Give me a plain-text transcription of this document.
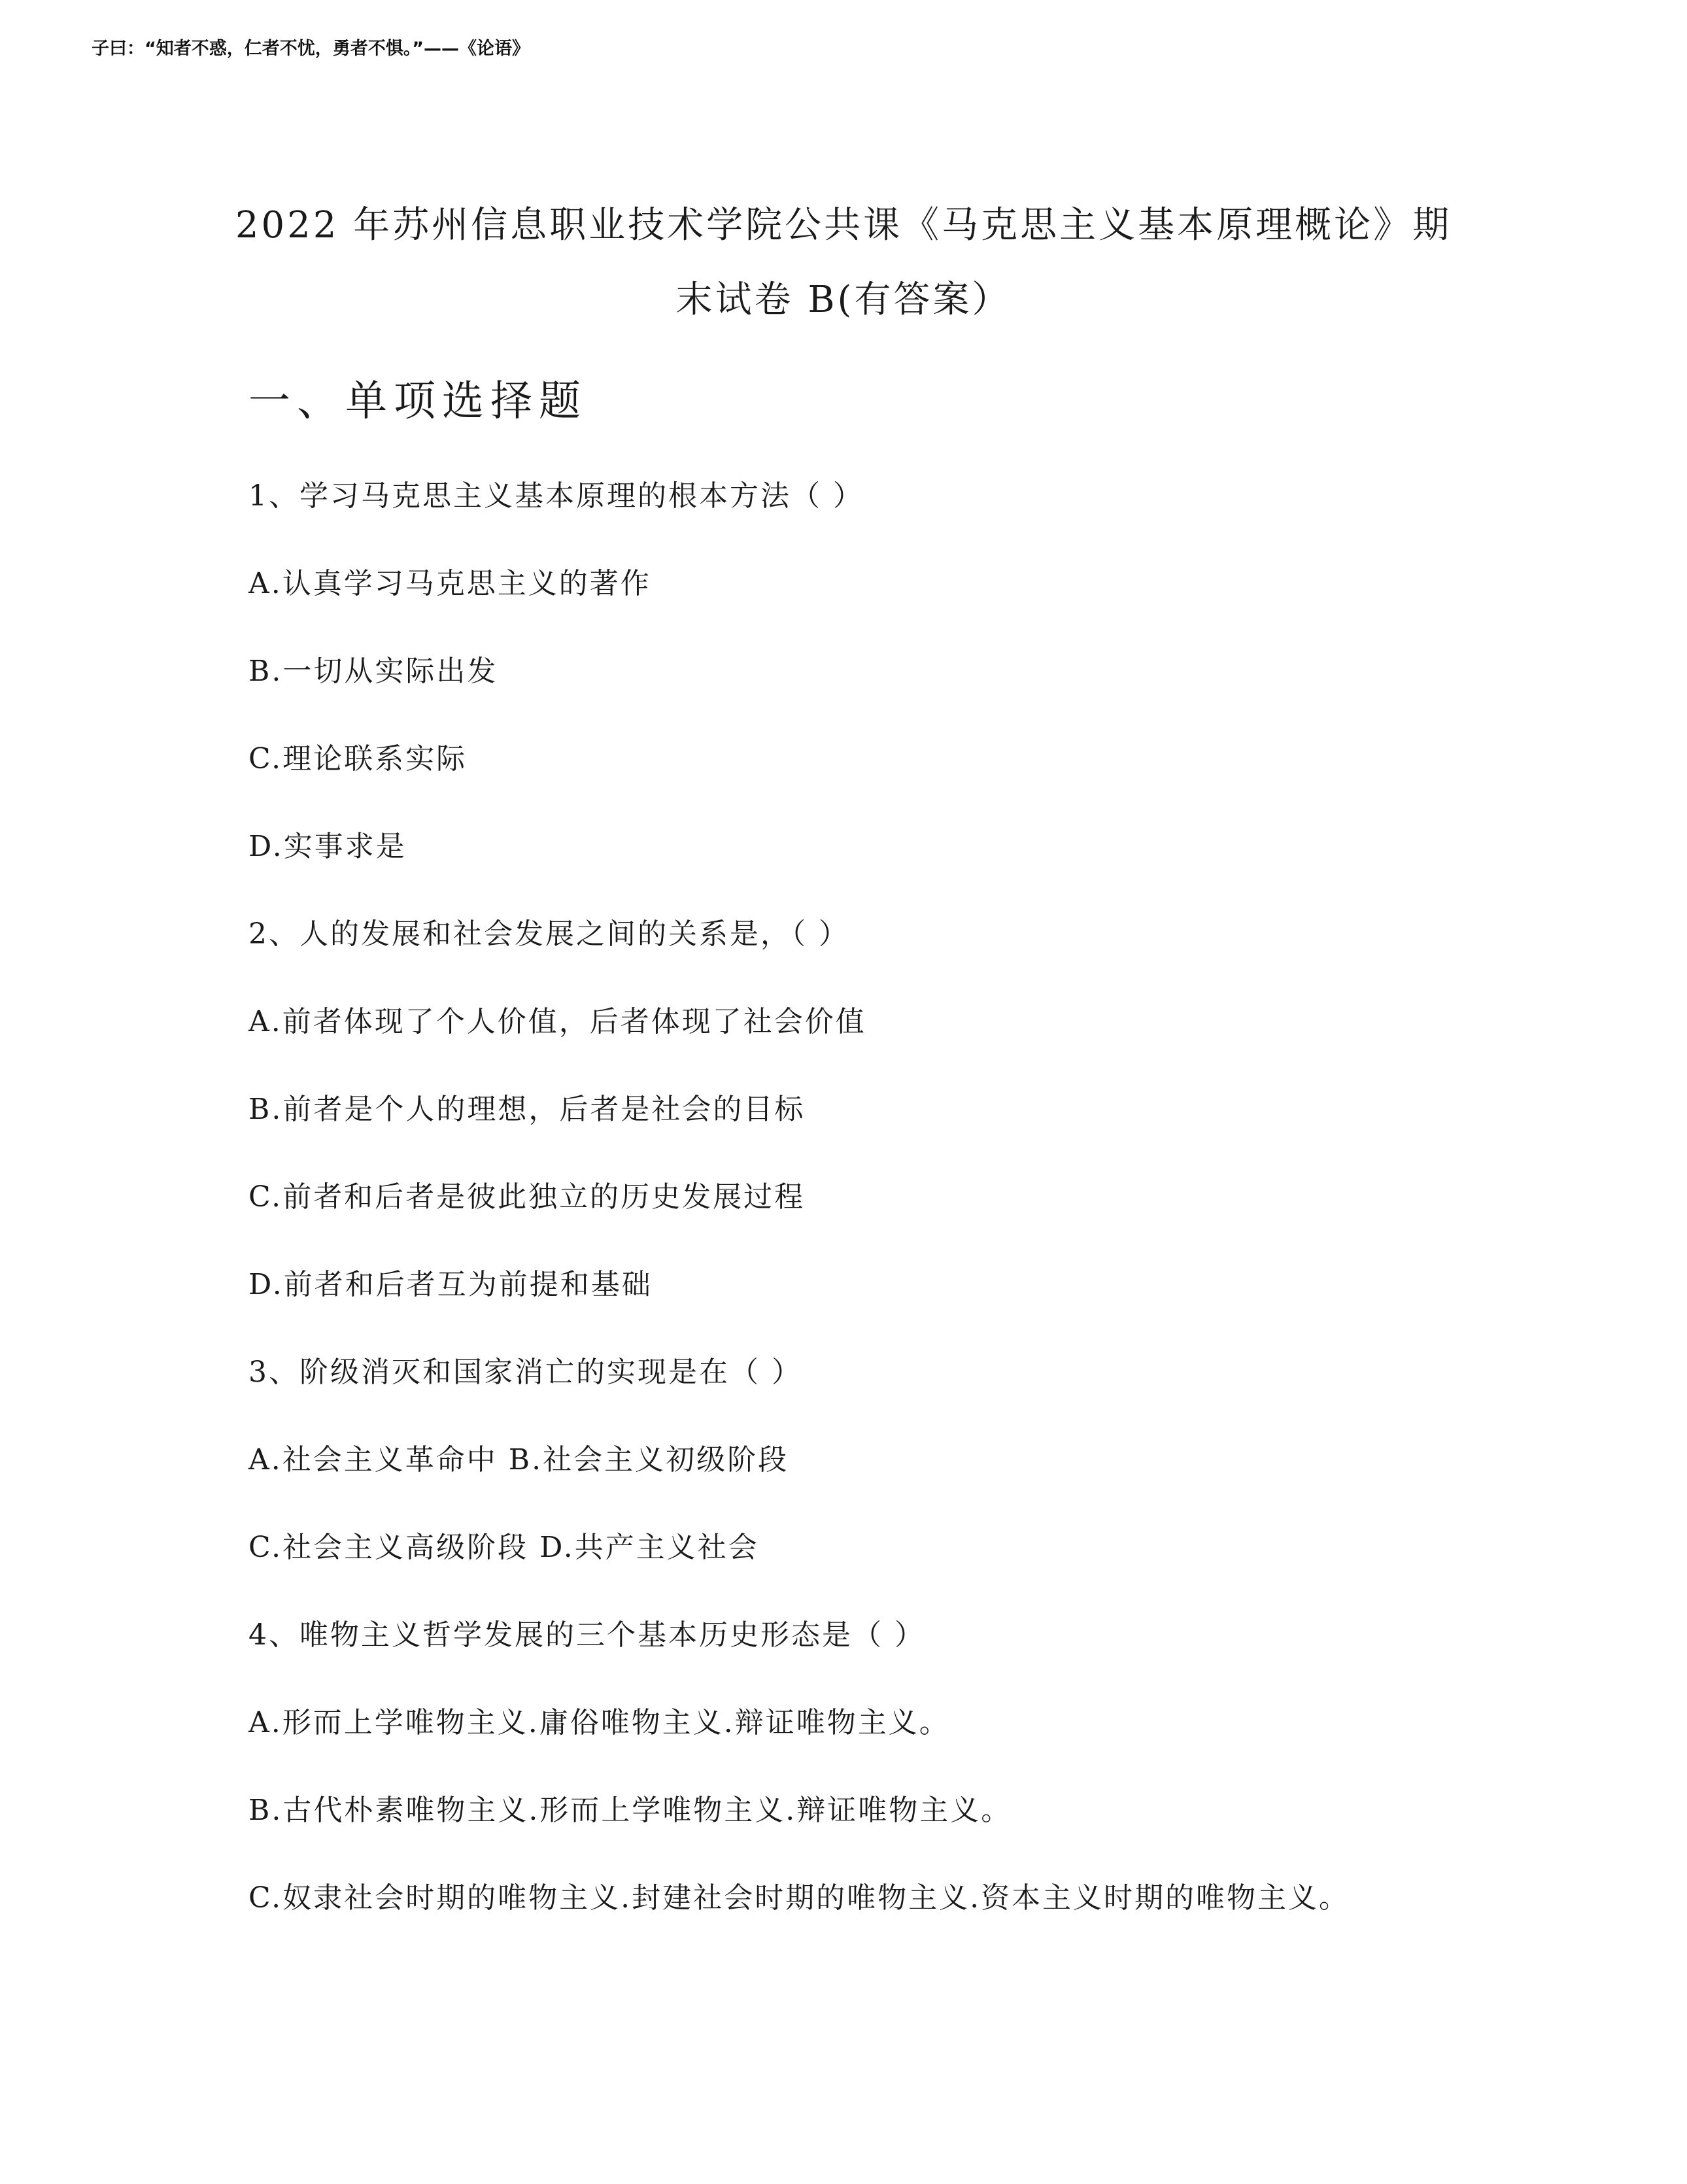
子曰：“知者不惑，仁者不忧，勇者不惧。”——《论语》
2022 年苏州信息职业技术学院公共课《马克思主义基本原理概论》期
末试卷 B(有答案）
一、单项选择题
1、学习马克思主义基本原理的根本方法（ ）
A.认真学习马克思主义的著作
B.一切从实际出发
C.理论联系实际
D.实事求是
2、人的发展和社会发展之间的关系是，（ ）
A.前者体现了个人价值，后者体现了社会价值
B.前者是个人的理想，后者是社会的目标
C.前者和后者是彼此独立的历史发展过程
D.前者和后者互为前提和基础
3、阶级消灭和国家消亡的实现是在（ ）
A.社会主义革命中 B.社会主义初级阶段
C.社会主义高级阶段 D.共产主义社会
4、唯物主义哲学发展的三个基本历史形态是（ ）
A.形而上学唯物主义.庸俗唯物主义.辩证唯物主义。
B.古代朴素唯物主义.形而上学唯物主义.辩证唯物主义。
C.奴隶社会时期的唯物主义.封建社会时期的唯物主义.资本主义时期的唯物主义。
